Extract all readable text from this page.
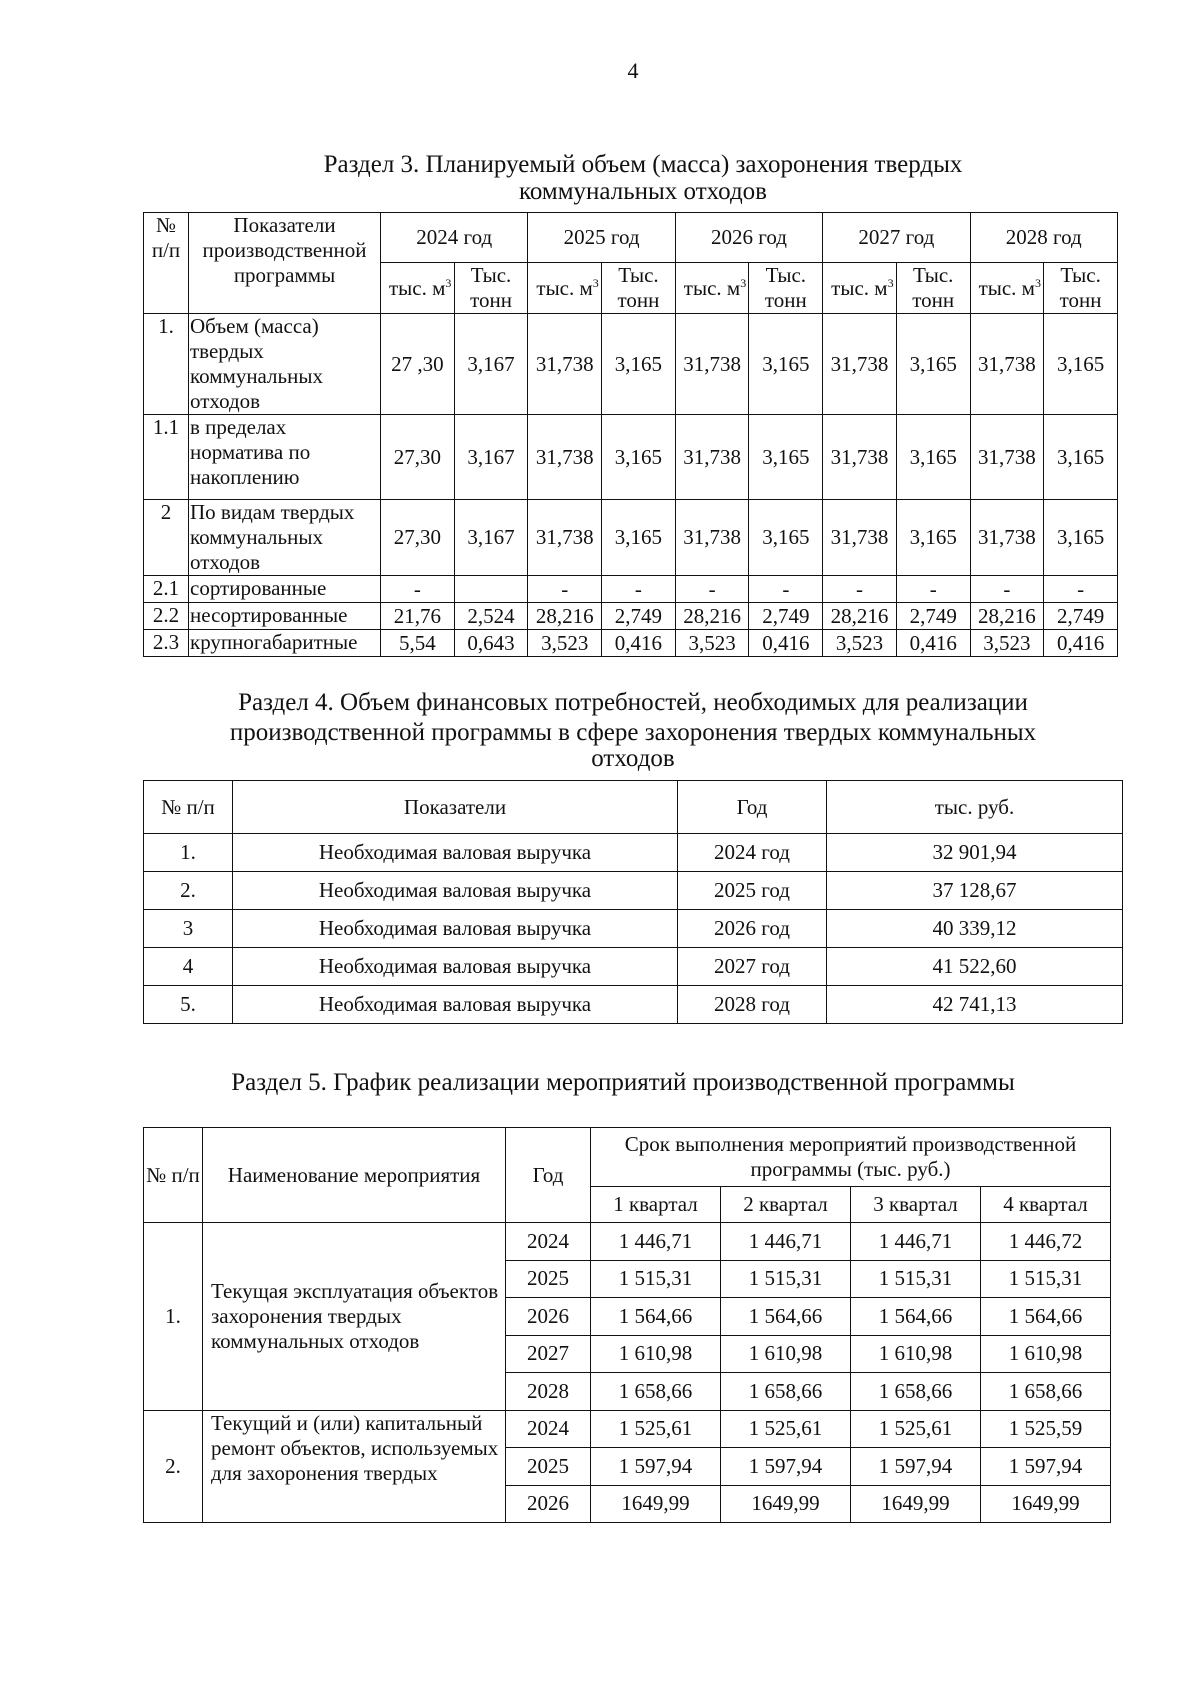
4
Раздел 3. Планируемый объем (масса) захоронения твердых
коммунальных отходов
№ п/п	Показатели производственной программы	2024 год		2025 год		2026 год		2027 год		2028 год	
		тыс. $м^3$	Тыс. тонн	тыс. $м^3$	Тыс. тонн	тыс. $м^3$	Тыс. тонн	тыс. $м^3$	Тыс. тонн	тыс. $м^3$	Тыс. тонн
1.	Объем (масса) твердых коммунальных отходов	27 ,30	3,167	31,738	3,165	31,738	3,165	31,738	3,165	31,738	3,165
1.1	в пределах норматива по накоплению	27,30	3,167	31,738	3,165	31,738	3,165	31,738	3,165	31,738	3,165
2	По видам твердых коммунальных отходов	27,30	3,167	31,738	3,165	31,738	3,165	31,738	3,165	31,738	3,165
2.1	сортированные	-		-	-	-	-	-	-	-	-
2.2	несортированные	21,76	2,524	28,216	2,749	28,216	2,749	28,216	2,749	28,216	2,749
2.3	крупногабаритные	5,54	0,643	3,523	0,416	3,523	0,416	3,523	0,416	3,523	0,416
Раздел 4. Объем финансовых потребностей, необходимых для реализации
производственной программы в сфере захоронения твердых коммунальных
отходов
№ п/п	Показатели	Год	тыс. руб.
1.	Необходимая валовая выручка	2024 год	32 901,94
2.	Необходимая валовая выручка	2025 год	37 128,67
3	Необходимая валовая выручка	2026 год	40 339,12
4	Необходимая валовая выручка	2027 год	41 522,60
5.	Необходимая валовая выручка	2028 год	42 741,13
Раздел 5. График реализации мероприятий производственной программы
№ п/п	Наименование мероприятия	Год	Срок выполнения мероприятий производственной программы (тыс. руб.)			
			1 квартал	2 квартал	3 квартал	4 квартал
1.	Текущая эксплуатация объектов захоронения твердых коммунальных отходов	2024	1 446,71	1 446,71	1 446,71	1 446,72
		2025	1 515,31	1 515,31	1 515,31	1 515,31
		2026	1 564,66	1 564,66	1 564,66	1 564,66
		2027	1 610,98	1 610,98	1 610,98	1 610,98
		2028	1 658,66	1 658,66	1 658,66	1 658,66
2.	Текущий и (или) капитальный ремонт объектов, используемых для захоронения твердых	2024	1 525,61	1 525,61	1 525,61	1 525,59
		2025	1 597,94	1 597,94	1 597,94	1 597,94
		2026	1649,99	1649,99	1649,99	1649,99
